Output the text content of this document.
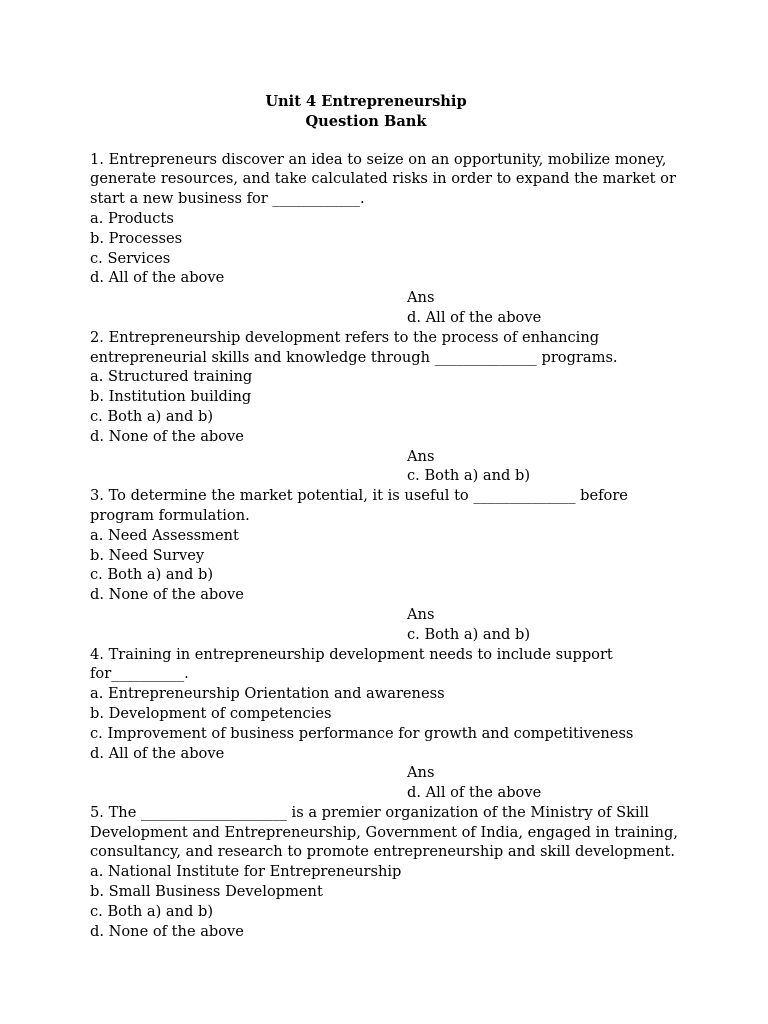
Unit 4 Entrepreneurship
Question Bank
1. Entrepreneurs discover an idea to seize on an opportunity, mobilize money, generate resources, and take calculated risks in order to expand the market or start a new business for ____________.
a. Products
b. Processes
c. Services
d. All of the above
Ans
d. All of the above
2. Entrepreneurship development refers to the process of enhancing entrepreneurial skills and knowledge through ______________ programs.
a. Structured training
b. Institution building
c. Both a) and b)
d. None of the above
Ans
c. Both a) and b)
3. To determine the market potential, it is useful to ______________ before program formulation.
a. Need Assessment
b. Need Survey
c. Both a) and b)
d. None of the above
Ans
c. Both a) and b)
4. Training in entrepreneurship development needs to include support for__________.
a. Entrepreneurship Orientation and awareness
b. Development of competencies
c. Improvement of business performance for growth and competitiveness
d. All of the above
Ans
d. All of the above
5. The ____________________ is a premier organization of the Ministry of Skill Development and Entrepreneurship, Government of India, engaged in training, consultancy, and research to promote entrepreneurship and skill development.
a. National Institute for Entrepreneurship
b. Small Business Development
c. Both a) and b)
d. None of the above
